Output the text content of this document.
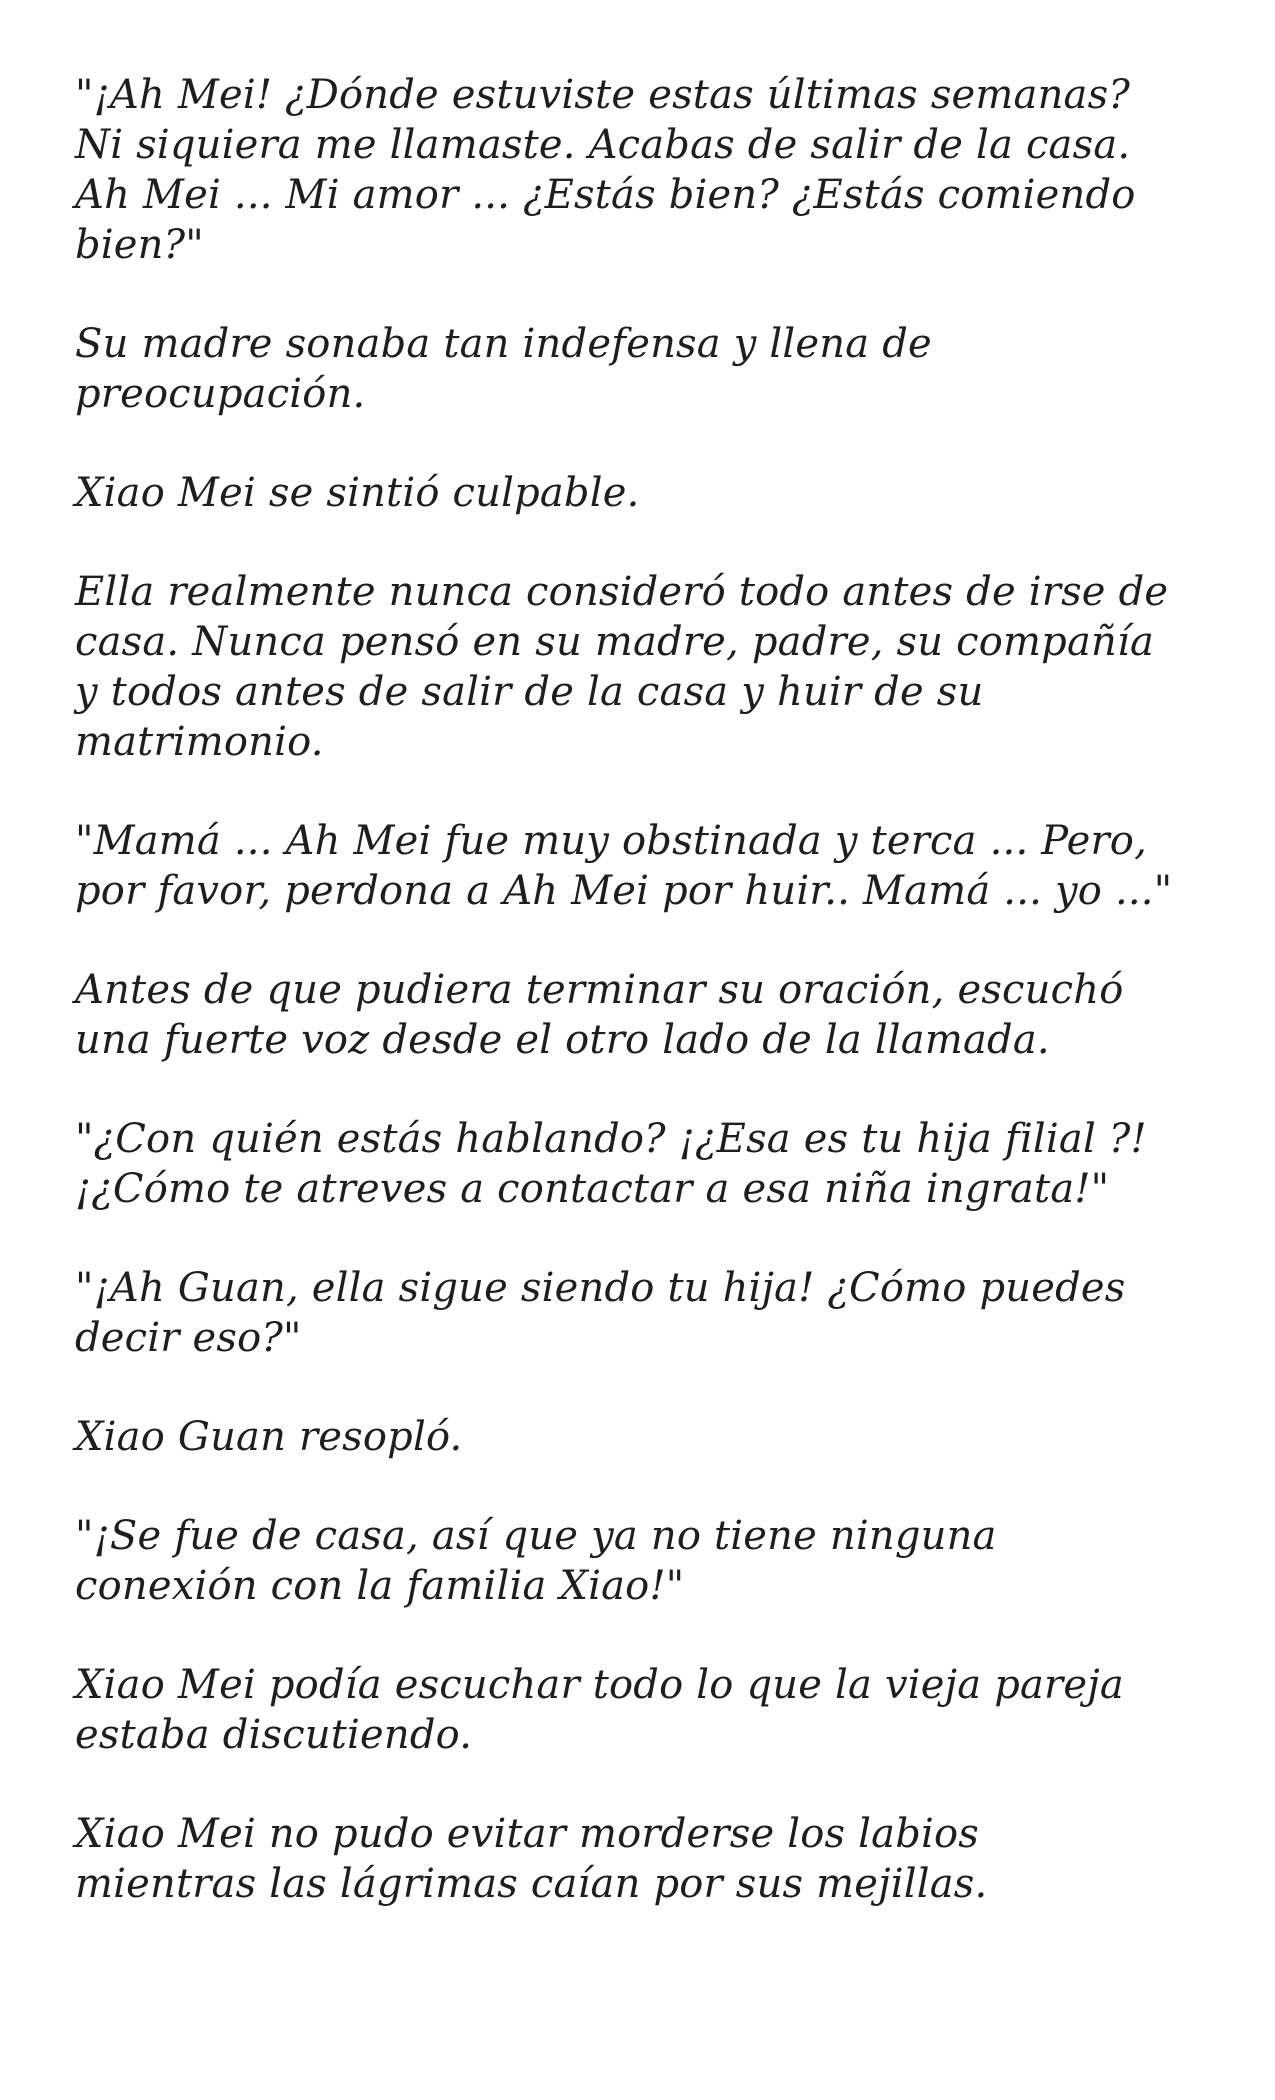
"¡Ah Mei! ¿Dónde estuviste estas últimas semanas?
Ni siquiera me llamaste. Acabas de salir de la casa.
Ah Mei ... Mi amor ... ¿Estás bien? ¿Estás comiendo
bien?"

Su madre sonaba tan indefensa y llena de
preocupación.

Xiao Mei se sintió culpable.

Ella realmente nunca consideró todo antes de irse de
casa. Nunca pensó en su madre, padre, su compañía
y todos antes de salir de la casa y huir de su
matrimonio.

"Mamá ... Ah Mei fue muy obstinada y terca ... Pero,
por favor, perdona a Ah Mei por huir.. Mamá ... yo ..."

Antes de que pudiera terminar su oración, escuchó
una fuerte voz desde el otro lado de la llamada.

"¿Con quién estás hablando? ¡¿Esa es tu hija filial ?!
¡¿Cómo te atreves a contactar a esa niña ingrata!"

"¡Ah Guan, ella sigue siendo tu hija! ¿Cómo puedes
decir eso?"

Xiao Guan resopló.

"¡Se fue de casa, así que ya no tiene ninguna
conexión con la familia Xiao!"

Xiao Mei podía escuchar todo lo que la vieja pareja
estaba discutiendo.

Xiao Mei no pudo evitar morderse los labios
mientras las lágrimas caían por sus mejillas.
